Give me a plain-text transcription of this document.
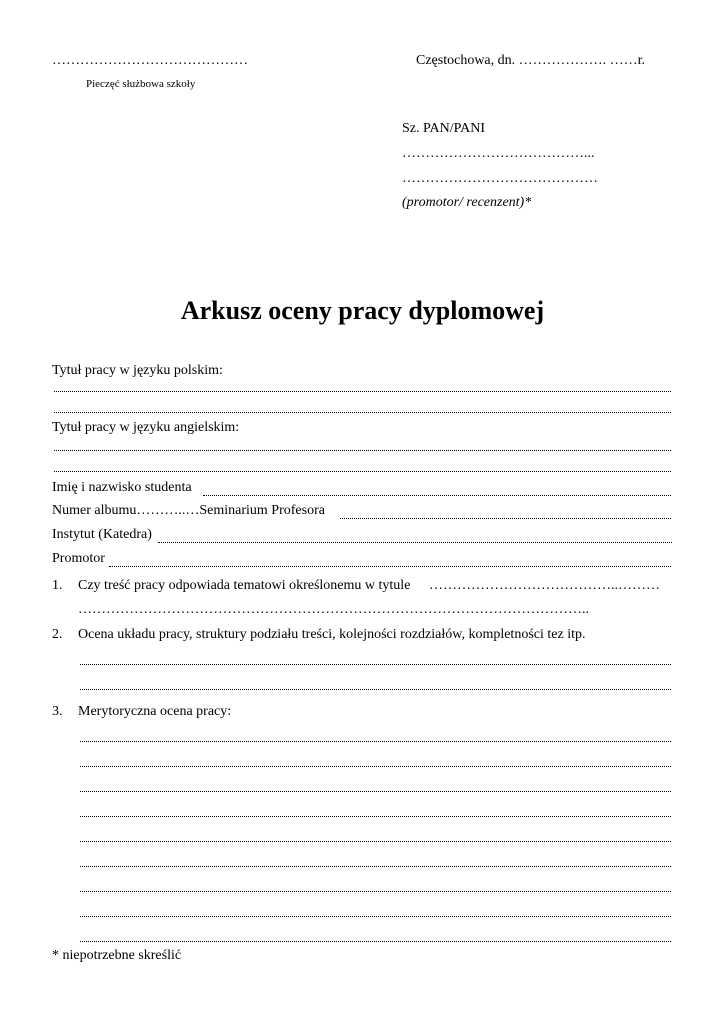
……………………………………
Pieczęć służbowa szkoły
Częstochowa, dn. ………………. ……r.
Sz. PAN/PANI
…………………………………...
……………………………………
(promotor/ recenzent)*
Arkusz oceny pracy dyplomowej
Tytuł pracy w języku polskim:
Tytuł pracy w języku angielskim:
Imię i nazwisko studenta
Numer albumu………..…Seminarium Profesora
Instytut (Katedra)
Promotor
1. Czy treść pracy odpowiada tematowi określonemu w tytule …………………………………..………
………………………………………………………………………………………………..
2. Ocena układu pracy, struktury podziału treści, kolejności rozdziałów, kompletności tez itp.
3. Merytoryczna ocena pracy:
* niepotrzebne skreślić
